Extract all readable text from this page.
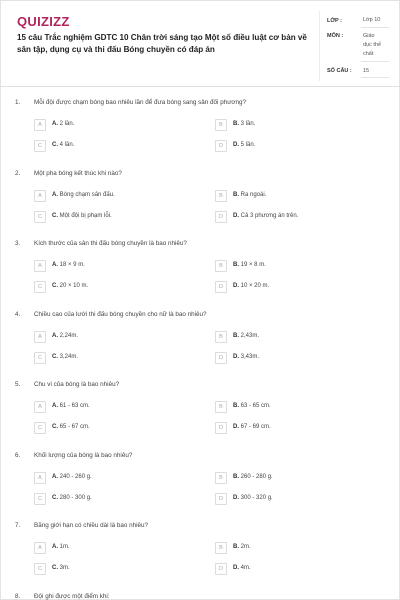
QUIZIZZ
15 câu Trắc nghiệm GDTC 10 Chân trời sáng tạo Một số điều luật cơ bản về sân tập, dụng cụ và thi đấu Bóng chuyền có đáp án
LỚP :	Lớp 10
MÔN :	Giáo
dục thể
chất
SỐ CÂU : 15
1. Mỗi đội được chạm bóng bao nhiêu lần để đưa bóng sang sân đối phương?
A	A. 2 lần.	B	B. 3 lần.
C	C. 4 lần.	D	D. 5 lần.
2. Một pha bóng kết thúc khi nào?
A	A. Bóng chạm sân đấu.	B	B. Ra ngoài.
C	C. Một đội bị phạm lỗi.	D	D. Cả 3 phương án trên.
3. Kích thước của sân thi đấu bóng chuyền là bao nhiêu?
A	A. 18 × 9 m.	B	B. 19 × 8 m.
C	C. 20 × 10 m.	D	D. 10 × 20 m.
4. Chiều cao của lưới thi đấu bóng chuyền cho nữ là bao nhiêu?
A	A. 2,24m.	B	B. 2,43m.
C	C. 3,24m.	D	D. 3,43m.
5. Chu vi của bóng là bao nhiêu?
A	A. 61 - 63 cm.	B	B. 63 - 65 cm.
C	C. 65 - 67 cm.	D	D. 67 - 69 cm.
6. Khối lượng của bóng là bao nhiêu?
A	A. 240 - 260 g.	B	B. 260 - 280 g.
C	C. 280 - 300 g.	D	D. 300 - 320 g.
7. Băng giới hạn có chiều dài là bao nhiêu?
A	A. 1m.	B	B. 2m.
C	C. 3m.	D	D. 4m.
8. Đội ghi được một điểm khi:
